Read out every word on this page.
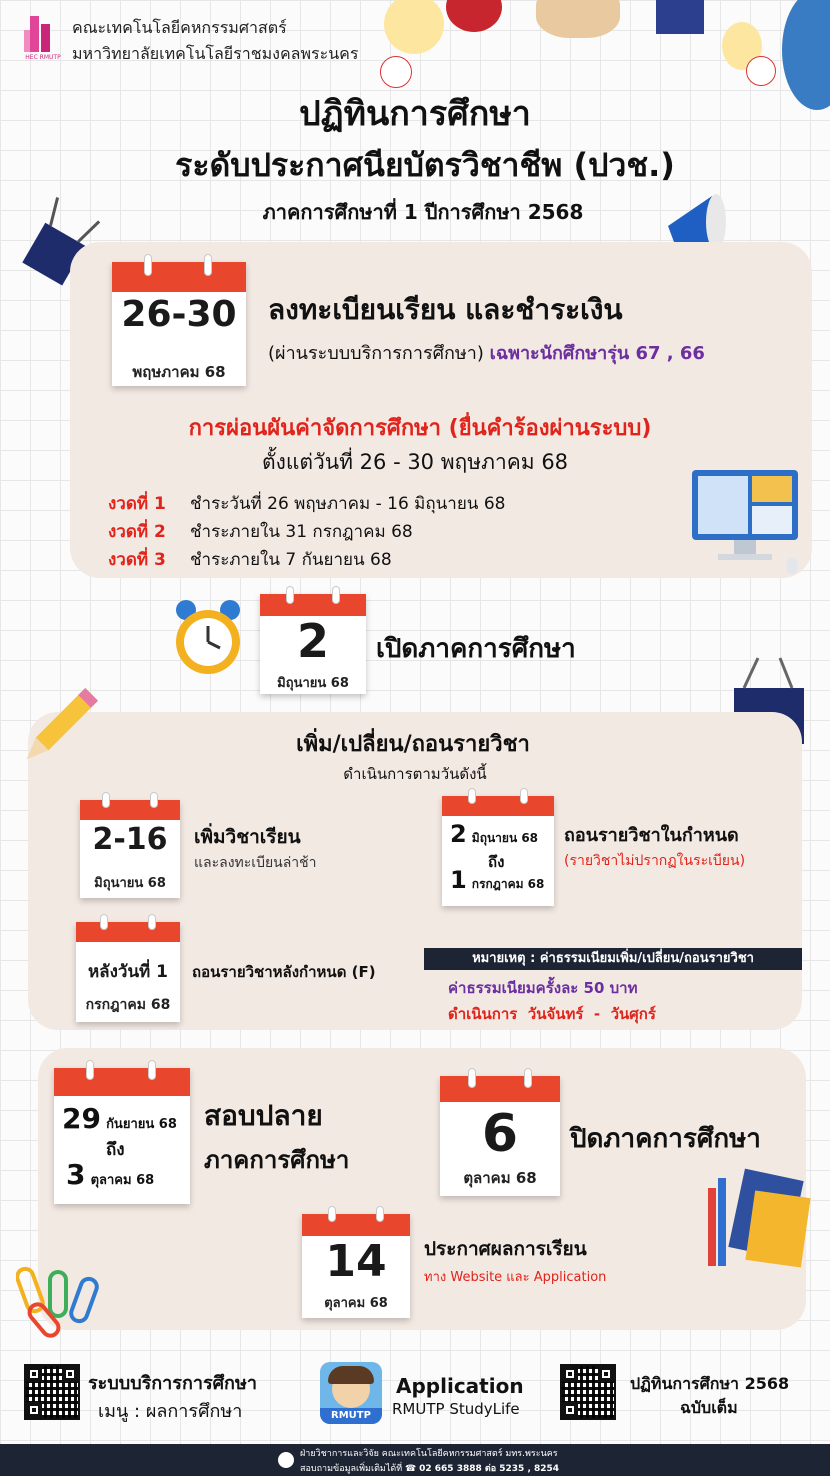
HEC RMUTP
คณะเทคโนโลยีคหกรรมศาสตร์
มหาวิทยาลัยเทคโนโลยีราชมงคลพระนคร
ปฏิทินการศึกษา
ระดับประกาศนียบัตรวิชาชีพ (ปวช.)
ภาคการศึกษาที่ 1 ปีการศึกษา 2568
26-30
พฤษภาคม 68
ลงทะเบียนเรียน และชำระเงิน
(ผ่านระบบบริการการศึกษา) เฉพาะนักศึกษารุ่น 67 , 66
การผ่อนผันค่าจัดการศึกษา (ยื่นคำร้องผ่านระบบ)
ตั้งแต่วันที่ 26 - 30 พฤษภาคม 68
งวดที่ 1 ชำระวันที่ 26 พฤษภาคม - 16 มิถุนายน 68
งวดที่ 2 ชำระภายใน 31 กรกฎาคม 68
งวดที่ 3 ชำระภายใน 7 กันยายน 68
2
มิถุนายน 68
เปิดภาคการศึกษา
เพิ่ม/เปลี่ยน/ถอนรายวิชา
ดำเนินการตามวันดังนี้
2-16
มิถุนายน 68
เพิ่มวิชาเรียน
และลงทะเบียนล่าช้า
2 มิถุนายน 68
ถึง
1 กรกฎาคม 68
ถอนรายวิชาในกำหนด
(รายวิชาไม่ปรากฏในระเบียน)
หลังวันที่ 1
กรกฎาคม 68
ถอนรายวิชาหลังกำหนด (F)
หมายเหตุ : ค่าธรรมเนียมเพิ่ม/เปลี่ยน/ถอนรายวิชา
ค่าธรรมเนียมครั้งละ 50 บาท
ดำเนินการ  วันจันทร์  -  วันศุกร์
29 กันยายน 68
ถึง
3 ตุลาคม 68
สอบปลาย
ภาคการศึกษา	6
ตุลาคม 68
ปิดภาคการศึกษา
14
ตุลาคม 68
ประกาศผลการเรียน
ทาง Website และ Application
ระบบบริการการศึกษา
เมนู : ผลการศึกษา	RMUTP
Application
RMUTP StudyLife
ปฏิทินการศึกษา 2568
ฉบับเต็ม
ฝ่ายวิชาการและวิจัย คณะเทคโนโลยีคหกรรมศาสตร์ มทร.พระนคร
สอบถามข้อมูลเพิ่มเติมได้ที่ ☎ 02 665 3888 ต่อ 5235 , 8254
